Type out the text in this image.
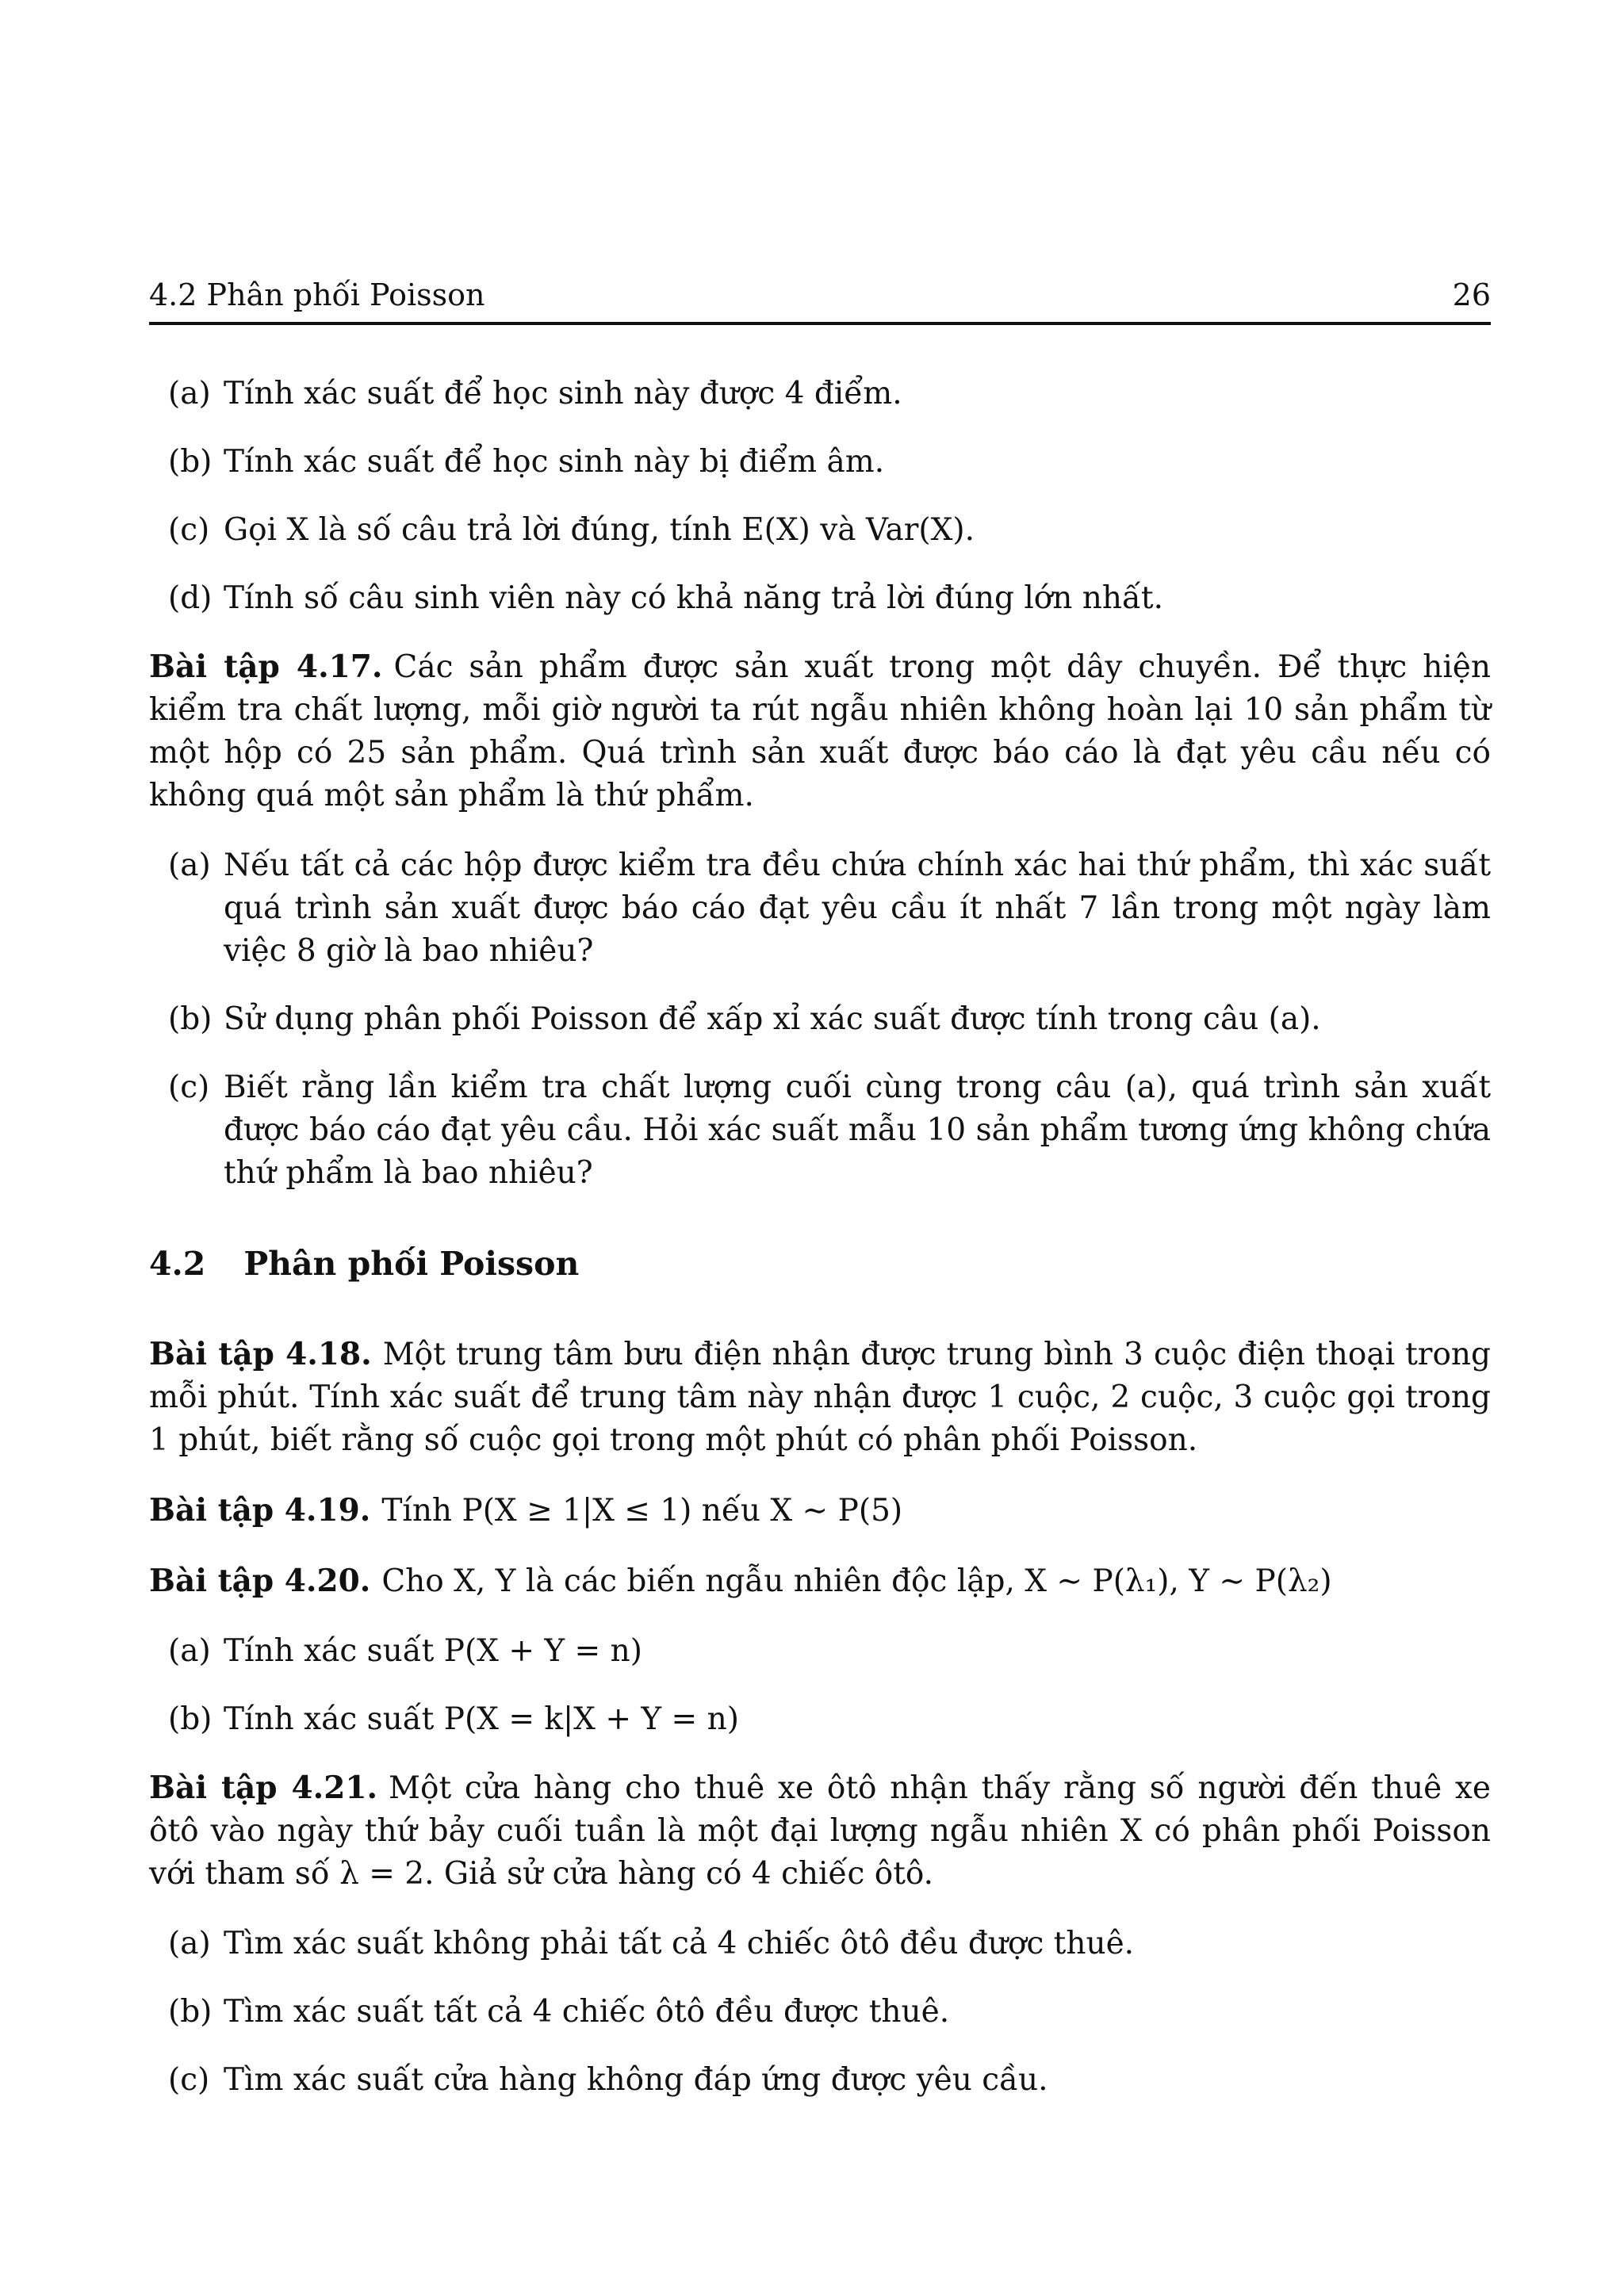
4.2 Phân phối Poisson	26
(a) Tính xác suất để học sinh này được 4 điểm.
(b) Tính xác suất để học sinh này bị điểm âm.
(c) Gọi X là số câu trả lời đúng, tính E(X) và Var(X).
(d) Tính số câu sinh viên này có khả năng trả lời đúng lớn nhất.
Bài tập 4.17. Các sản phẩm được sản xuất trong một dây chuyền. Để thực hiện kiểm tra chất lượng, mỗi giờ người ta rút ngẫu nhiên không hoàn lại 10 sản phẩm từ một hộp có 25 sản phẩm. Quá trình sản xuất được báo cáo là đạt yêu cầu nếu có không quá một sản phẩm là thứ phẩm.
(a) Nếu tất cả các hộp được kiểm tra đều chứa chính xác hai thứ phẩm, thì xác suất quá trình sản xuất được báo cáo đạt yêu cầu ít nhất 7 lần trong một ngày làm việc 8 giờ là bao nhiêu?
(b) Sử dụng phân phối Poisson để xấp xỉ xác suất được tính trong câu (a).
(c) Biết rằng lần kiểm tra chất lượng cuối cùng trong câu (a), quá trình sản xuất được báo cáo đạt yêu cầu. Hỏi xác suất mẫu 10 sản phẩm tương ứng không chứa thứ phẩm là bao nhiêu?
4.2 Phân phối Poisson
Bài tập 4.18. Một trung tâm bưu điện nhận được trung bình 3 cuộc điện thoại trong mỗi phút. Tính xác suất để trung tâm này nhận được 1 cuộc, 2 cuộc, 3 cuộc gọi trong 1 phút, biết rằng số cuộc gọi trong một phút có phân phối Poisson.
Bài tập 4.19. Tính P(X ≥ 1|X ≤ 1) nếu X ∼ P(5)
Bài tập 4.20. Cho X, Y là các biến ngẫu nhiên độc lập, X ∼ P(λ₁), Y ∼ P(λ₂)
(a) Tính xác suất P(X + Y = n)
(b) Tính xác suất P(X = k|X + Y = n)
Bài tập 4.21. Một cửa hàng cho thuê xe ôtô nhận thấy rằng số người đến thuê xe ôtô vào ngày thứ bảy cuối tuần là một đại lượng ngẫu nhiên X có phân phối Poisson với tham số λ = 2. Giả sử cửa hàng có 4 chiếc ôtô.
(a) Tìm xác suất không phải tất cả 4 chiếc ôtô đều được thuê.
(b) Tìm xác suất tất cả 4 chiếc ôtô đều được thuê.
(c) Tìm xác suất cửa hàng không đáp ứng được yêu cầu.
